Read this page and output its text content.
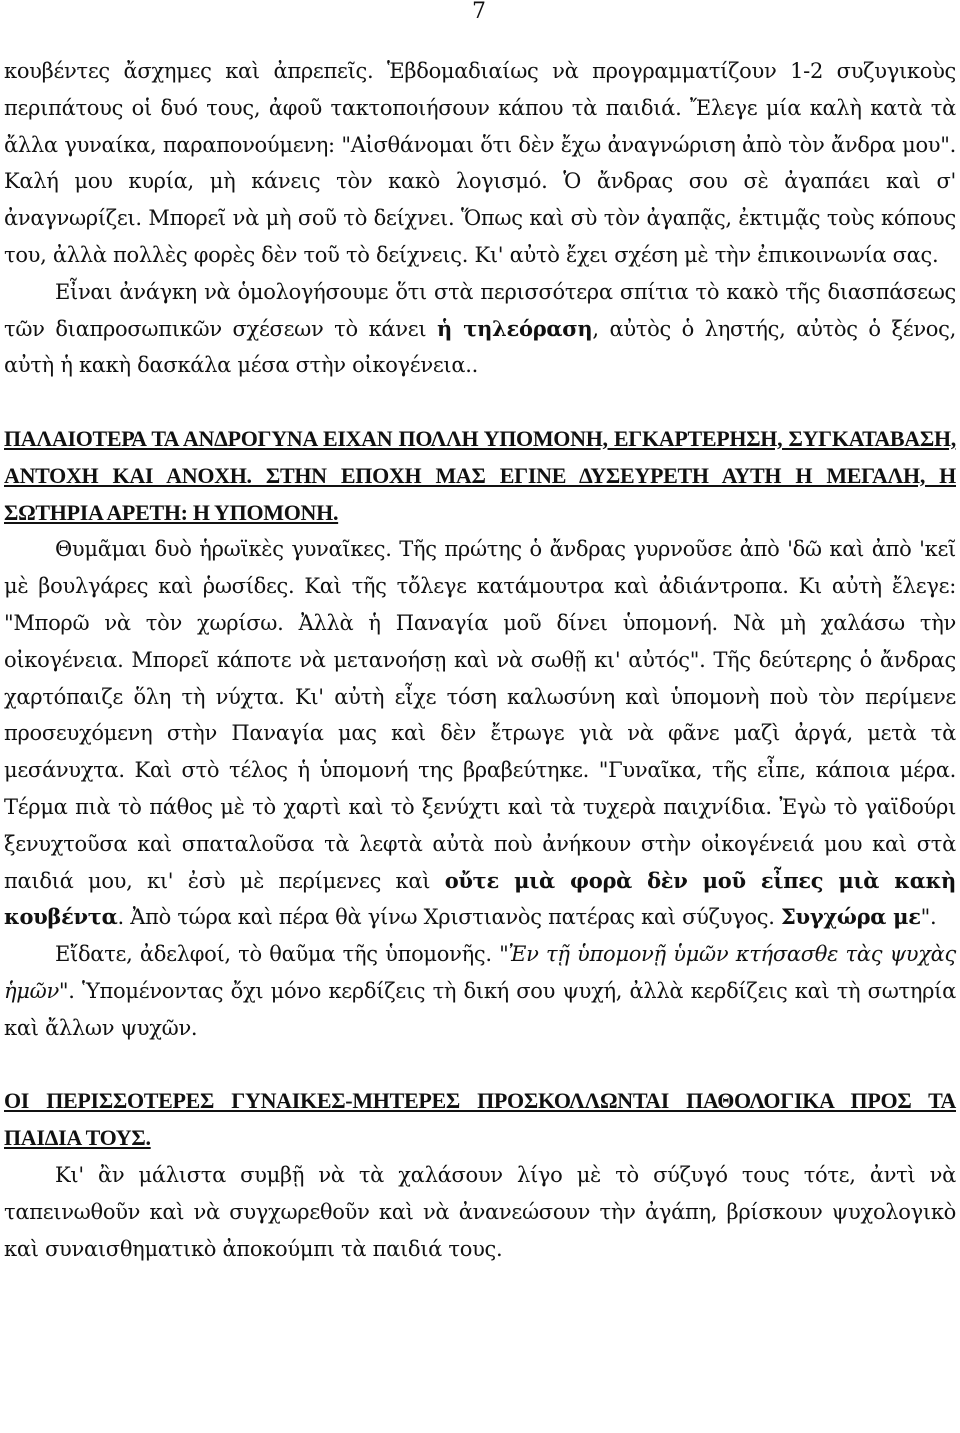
7

κουβέντες ἄσχημες καὶ ἀπρεπεῖς. Ἑβδομαδιαίως νὰ προγραμματίζουν 1-2 συζυγικοὺς περιπάτους οἱ δυό τους, ἀφοῦ τακτοποιήσουν κάπου τὰ παιδιά. Ἔλεγε μία καλὴ κατὰ τὰ ἄλλα γυναίκα, παραπονούμενη: "Αἰσθάνομαι ὅτι δὲν ἔχω ἀναγνώριση ἀπὸ τὸν ἄνδρα μου". Καλή μου κυρία, μὴ κάνεις τὸν κακὸ λογισμό. Ὁ ἄνδρας σου σὲ ἀγαπάει καὶ σ' ἀναγνωρίζει. Μπορεῖ νὰ μὴ σοῦ τὸ δείχνει. Ὅπως καὶ σὺ τὸν ἀγαπᾷς, ἐκτιμᾷς τοὺς κόπους του, ἀλλὰ πολλὲς φορὲς δὲν τοῦ τὸ δείχνεις. Κι' αὐτὸ ἔχει σχέση μὲ τὴν ἐπικοινωνία σας.

Εἶναι ἀνάγκη νὰ ὁμολογήσουμε ὅτι στὰ περισσότερα σπίτια τὸ κακὸ τῆς διασπάσεως τῶν διαπροσωπικῶν σχέσεων τὸ κάνει ἡ τηλεόραση, αὐτὸς ὁ ληστής, αὐτὸς ὁ ξένος, αὐτὴ ἡ κακὴ δασκάλα μέσα στὴν οἰκογένεια..

ΠΑΛΑΙΟΤΕΡΑ ΤΑ ΑΝΔΡΟΓΥΝΑ ΕΙΧΑΝ ΠΟΛΛΗ ΥΠΟΜΟΝΗ, ΕΓΚΑΡΤΕΡΗΣΗ, ΣΥΓΚΑΤΑΒΑΣΗ, ΑΝΤΟΧΗ ΚΑΙ ΑΝΟΧΗ. ΣΤΗΝ ΕΠΟΧΗ ΜΑΣ ΕΓΙΝΕ ΔΥΣΕΥΡΕΤΗ ΑΥΤΗ Η ΜΕΓΑΛΗ, Η ΣΩΤΗΡΙΑ ΑΡΕΤΗ: Η ΥΠΟΜΟΝΗ.

Θυμᾶμαι δυὸ ἡρωϊκὲς γυναῖκες. Τῆς πρώτης ὁ ἄνδρας γυρνοῦσε ἀπὸ 'δῶ καὶ ἀπὸ 'κεῖ μὲ βουλγάρες καὶ ῥωσίδες. Καὶ τῆς τὄλεγε κατάμουτρα καὶ ἀδιάντροπα. Κι αὐτὴ ἔλεγε: "Μπορῶ νὰ τὸν χωρίσω. Ἀλλὰ ἡ Παναγία μοῦ δίνει ὑπομονή. Νὰ μὴ χαλάσω τὴν οἰκογένεια. Μπορεῖ κάποτε νὰ μετανοήσῃ καὶ νὰ σωθῇ κι' αὐτός". Τῆς δεύτερης ὁ ἄνδρας χαρτόπαιζε ὅλη τὴ νύχτα. Κι' αὐτὴ εἶχε τόση καλωσύνη καὶ ὑπομονὴ ποὺ τὸν περίμενε προσευχόμενη στὴν Παναγία μας καὶ δὲν ἔτρωγε γιὰ νὰ φᾶνε μαζὶ ἀργά, μετὰ τὰ μεσάνυχτα. Καὶ στὸ τέλος ἡ ὑπομονή της βραβεύτηκε. "Γυναῖκα, τῆς εἶπε, κάποια μέρα. Τέρμα πιὰ τὸ πάθος μὲ τὸ χαρτὶ καὶ τὸ ξενύχτι καὶ τὰ τυχερὰ παιχνίδια. Ἐγὼ τὸ γαϊδούρι ξενυχτοῦσα καὶ σπαταλοῦσα τὰ λεφτὰ αὐτὰ ποὺ ἀνήκουν στὴν οἰκογένειά μου καὶ στὰ παιδιά μου, κι' ἐσὺ μὲ περίμενες καὶ οὔτε μιὰ φορὰ δὲν μοῦ εἶπες μιὰ κακὴ κουβέντα. Ἀπὸ τώρα καὶ πέρα θὰ γίνω Χριστιανὸς πατέρας καὶ σύζυγος. Συγχώρα με".

Εἴδατε, ἀδελφοί, τὸ θαῦμα τῆς ὑπομονῆς. "Ἐν τῇ ὑπομονῇ ὑμῶν κτήσασθε τὰς ψυχὰς ἡμῶν". Ὑπομένοντας ὄχι μόνο κερδίζεις τὴ δική σου ψυχή, ἀλλὰ κερδίζεις καὶ τὴ σωτηρία καὶ ἄλλων ψυχῶν.

ΟΙ ΠΕΡΙΣΣΟΤΕΡΕΣ ΓΥΝΑΙΚΕΣ-ΜΗΤΕΡΕΣ ΠΡΟΣΚΟΛΛΩΝΤΑΙ ΠΑΘΟΛΟΓΙΚΑ ΠΡΟΣ ΤΑ ΠΑΙΔΙΑ ΤΟΥΣ.

Κι' ἂν μάλιστα συμβῇ νὰ τὰ χαλάσουν λίγο μὲ τὸ σύζυγό τους τότε, ἀντὶ νὰ ταπεινωθοῦν καὶ νὰ συγχωρεθοῦν καὶ νὰ ἀνανεώσουν τὴν ἀγάπη, βρίσκουν ψυχολογικὸ καὶ συναισθηματικὸ ἀποκούμπι τὰ παιδιά τους.
